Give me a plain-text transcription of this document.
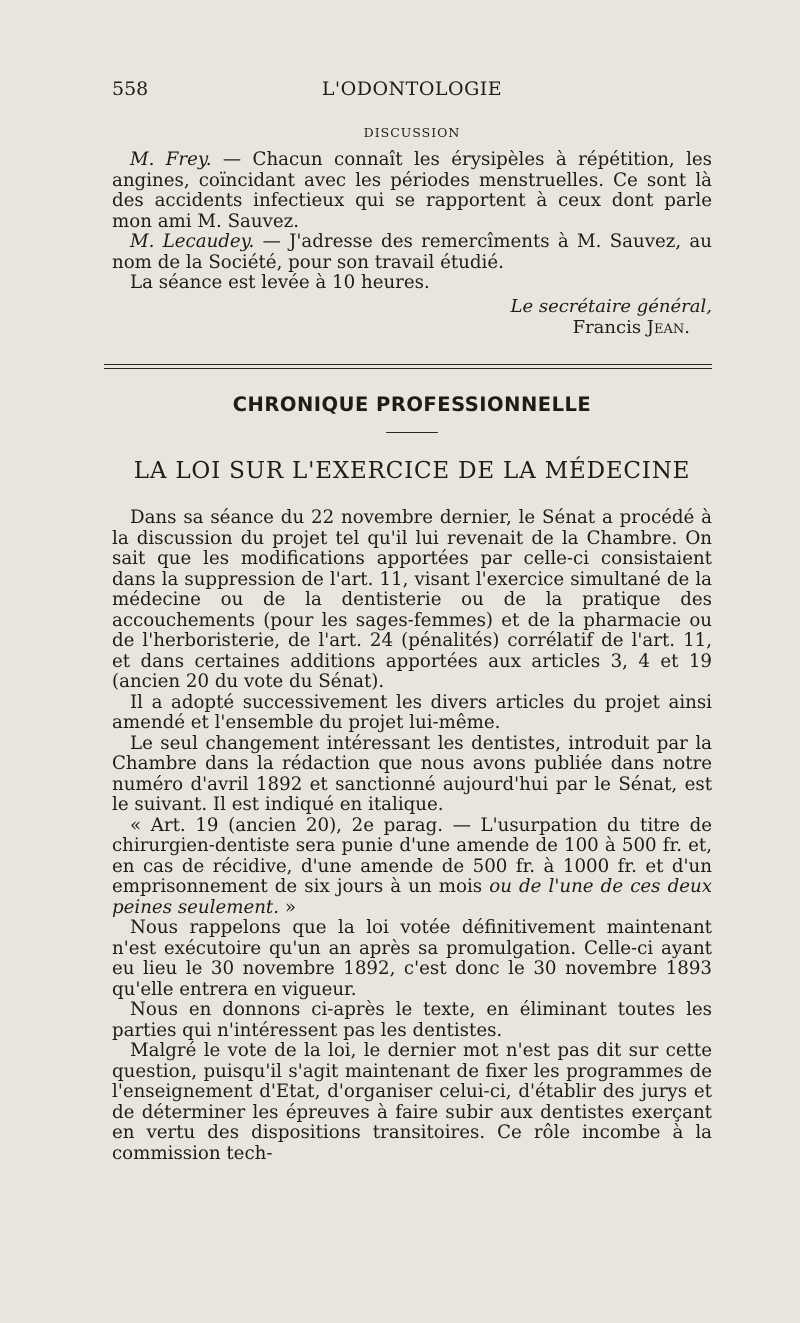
558	L'ODONTOLOGIE
DISCUSSION

M. Frey. — Chacun connaît les érysipèles à répétition, les angines, coïncidant avec les périodes menstruelles. Ce sont là des accidents infectieux qui se rapportent à ceux dont parle mon ami M. Sauvez.

M. Lecaudey. — J'adresse des remercîments à M. Sauvez, au nom de la Société, pour son travail étudié.

La séance est levée à 10 heures.

Le secrétaire général,
Francis Jean.
CHRONIQUE PROFESSIONNELLE
LA LOI SUR L'EXERCICE DE LA MÉDECINE

Dans sa séance du 22 novembre dernier, le Sénat a procédé à la discussion du projet tel qu'il lui revenait de la Chambre. On sait que les modifications apportées par celle-ci consistaient dans la suppression de l'art. 11, visant l'exercice simultané de la médecine ou de la dentisterie ou de la pratique des accouchements (pour les sages-femmes) et de la pharmacie ou de l'herboristerie, de l'art. 24 (pénalités) corrélatif de l'art. 11, et dans certaines additions apportées aux articles 3, 4 et 19 (ancien 20 du vote du Sénat).

Il a adopté successivement les divers articles du projet ainsi amendé et l'ensemble du projet lui-même.

Le seul changement intéressant les dentistes, introduit par la Chambre dans la rédaction que nous avons publiée dans notre numéro d'avril 1892 et sanctionné aujourd'hui par le Sénat, est le suivant. Il est indiqué en italique.

« Art. 19 (ancien 20), 2e parag. — L'usurpation du titre de chirurgien-dentiste sera punie d'une amende de 100 à 500 fr. et, en cas de récidive, d'une amende de 500 fr. à 1000 fr. et d'un emprisonnement de six jours à un mois ou de l'une de ces deux peines seulement. »

Nous rappelons que la loi votée définitivement maintenant n'est exécutoire qu'un an après sa promulgation. Celle-ci ayant eu lieu le 30 novembre 1892, c'est donc le 30 novembre 1893 qu'elle entrera en vigueur.

Nous en donnons ci-après le texte, en éliminant toutes les parties qui n'intéressent pas les dentistes.

Malgré le vote de la loi, le dernier mot n'est pas dit sur cette question, puisqu'il s'agit maintenant de fixer les programmes de l'enseignement d'Etat, d'organiser celui-ci, d'établir des jurys et de déterminer les épreuves à faire subir aux dentistes exerçant en vertu des dispositions transitoires. Ce rôle incombe à la commission tech-
